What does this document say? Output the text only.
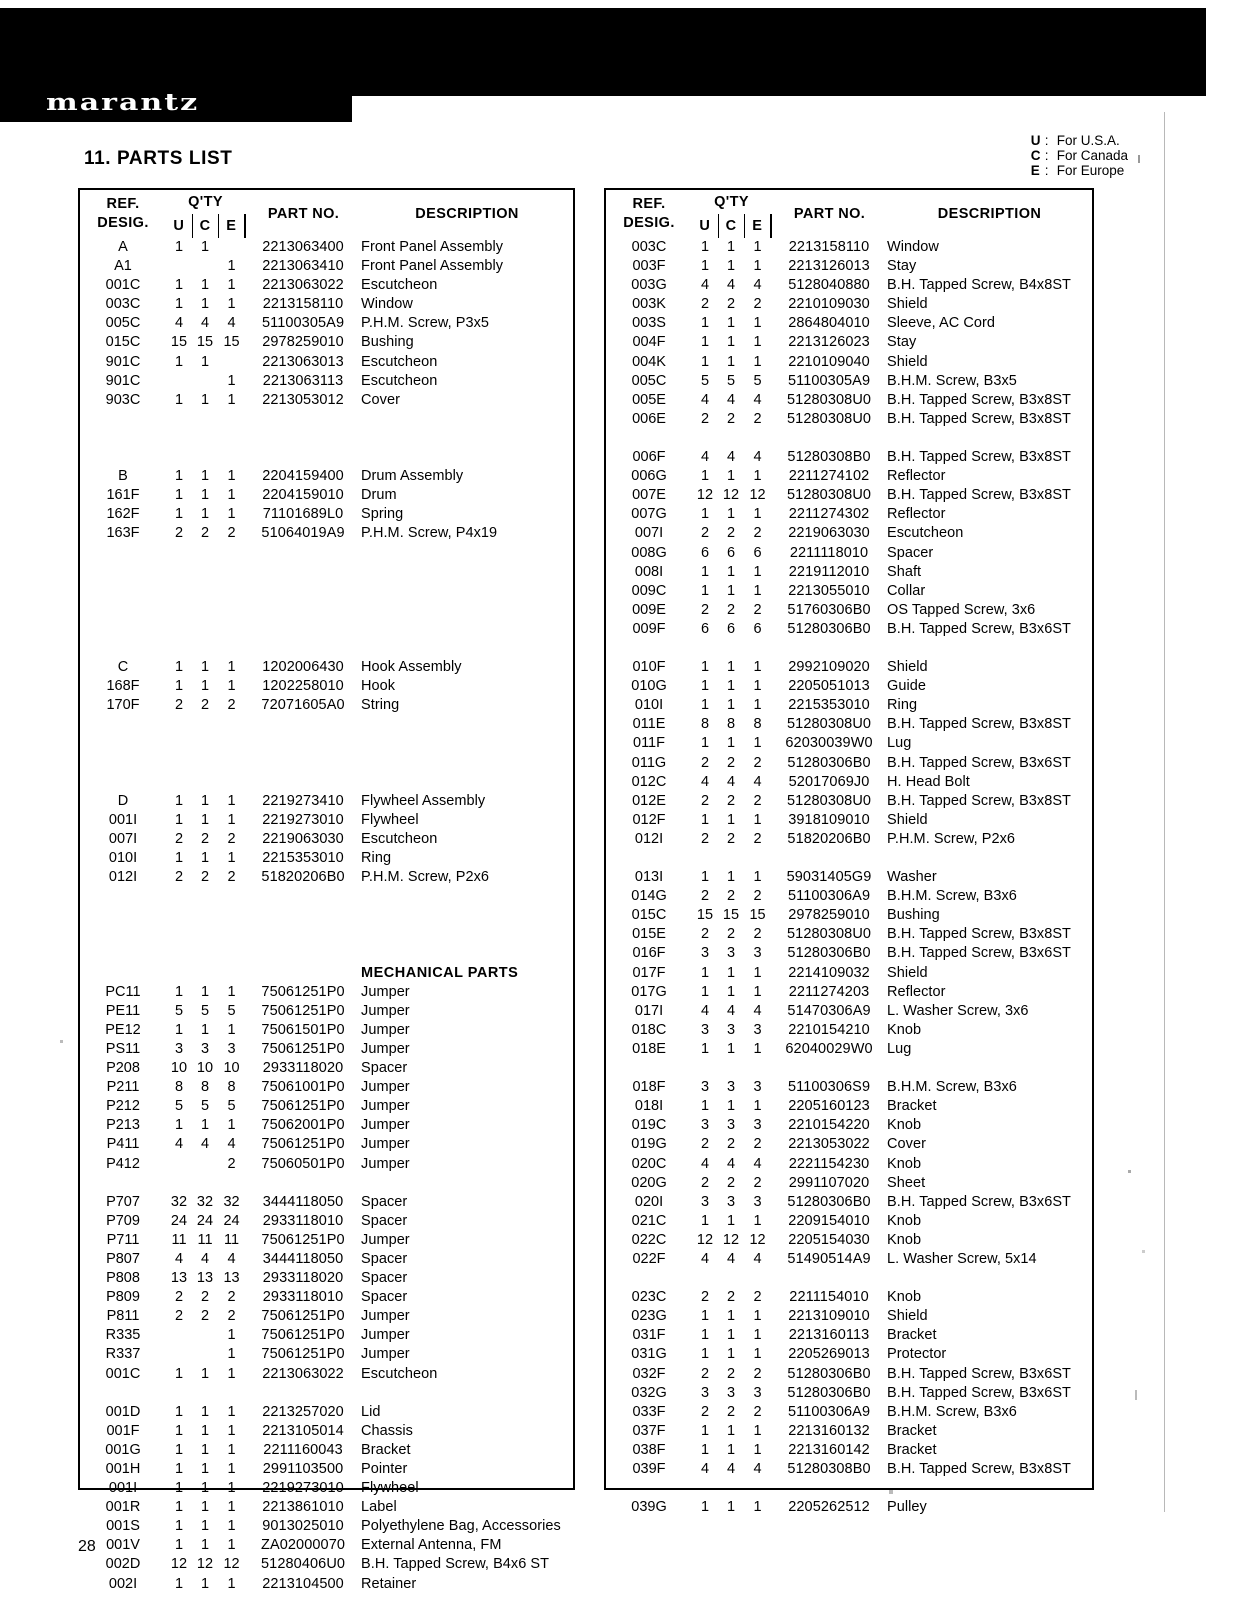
marantz
11. PARTS LIST
U : For U.S.A.
C : For Canada
E : For Europe
REF.
DESIG.	Q'TY			PART NO.	DESCRIPTION
	U	C	E		
A	1	1		2213063400	Front Panel Assembly
A1			1	2213063410	Front Panel Assembly
001C	1	1	1	2213063022	Escutcheon
003C	1	1	1	2213158110	Window
005C	4	4	4	51100305A9	P.H.M. Screw, P3x5
015C	15	15	15	2978259010	Bushing
901C	1	1		2213063013	Escutcheon
901C			1	2213063113	Escutcheon
903C	1	1	1	2213053012	Cover

B	1	1	1	2204159400	Drum Assembly
161F	1	1	1	2204159010	Drum
162F	1	1	1	71101689L0	Spring
163F	2	2	2	51064019A9	P.H.M. Screw, P4x19

C	1	1	1	1202006430	Hook Assembly
168F	1	1	1	1202258010	Hook
170F	2	2	2	72071605A0	String

D	1	1	1	2219273410	Flywheel Assembly
001I	1	1	1	2219273010	Flywheel
007I	2	2	2	2219063030	Escutcheon
010I	1	1	1	2215353010	Ring
012I	2	2	2	51820206B0	P.H.M. Screw, P2x6

					MECHANICAL PARTS
PC11	1	1	1	75061251P0	Jumper
PE11	5	5	5	75061251P0	Jumper
PE12	1	1	1	75061501P0	Jumper
PS11	3	3	3	75061251P0	Jumper
P208	10	10	10	2933118020	Spacer
P211	8	8	8	75061001P0	Jumper
P212	5	5	5	75061251P0	Jumper
P213	1	1	1	75062001P0	Jumper
P411	4	4	4	75061251P0	Jumper
P412			2	75060501P0	Jumper

P707	32	32	32	3444118050	Spacer
P709	24	24	24	2933118010	Spacer
P711	11	11	11	75061251P0	Jumper
P807	4	4	4	3444118050	Spacer
P808	13	13	13	2933118020	Spacer
P809	2	2	2	2933118010	Spacer
P811	2	2	2	75061251P0	Jumper
R335			1	75061251P0	Jumper
R337			1	75061251P0	Jumper
001C	1	1	1	2213063022	Escutcheon

001D	1	1	1	2213257020	Lid
001F	1	1	1	2213105014	Chassis
001G	1	1	1	2211160043	Bracket
001H	1	1	1	2991103500	Pointer
001I	1	1	1	2219273010	Flywheel
001R	1	1	1	2213861010	Label
001S	1	1	1	9013025010	Polyethylene Bag, Accessories
001V	1	1	1	ZA02000070	External Antenna, FM
002D	12	12	12	51280406U0	B.H. Tapped Screw, B4x6 ST
002I	1	1	1	2213104500	Retainer
REF.
DESIG.	Q'TY			PART NO.	DESCRIPTION
	U	C	E		
003C	1	1	1	2213158110	Window
003F	1	1	1	2213126013	Stay
003G	4	4	4	5128040880	B.H. Tapped Screw, B4x8ST
003K	2	2	2	2210109030	Shield
003S	1	1	1	2864804010	Sleeve, AC Cord
004F	1	1	1	2213126023	Stay
004K	1	1	1	2210109040	Shield
005C	5	5	5	51100305A9	B.H.M. Screw, B3x5
005E	4	4	4	51280308U0	B.H. Tapped Screw, B3x8ST
006E	2	2	2	51280308U0	B.H. Tapped Screw, B3x8ST

006F	4	4	4	51280308B0	B.H. Tapped Screw, B3x8ST
006G	1	1	1	2211274102	Reflector
007E	12	12	12	51280308U0	B.H. Tapped Screw, B3x8ST
007G	1	1	1	2211274302	Reflector
007I	2	2	2	2219063030	Escutcheon
008G	6	6	6	2211118010	Spacer
008I	1	1	1	2219112010	Shaft
009C	1	1	1	2213055010	Collar
009E	2	2	2	51760306B0	OS Tapped Screw, 3x6
009F	6	6	6	51280306B0	B.H. Tapped Screw, B3x6ST

010F	1	1	1	2992109020	Shield
010G	1	1	1	2205051013	Guide
010I	1	1	1	2215353010	Ring
011E	8	8	8	51280308U0	B.H. Tapped Screw, B3x8ST
011F	1	1	1	62030039W0	Lug
011G	2	2	2	51280306B0	B.H. Tapped Screw, B3x6ST
012C	4	4	4	52017069J0	H. Head Bolt
012E	2	2	2	51280308U0	B.H. Tapped Screw, B3x8ST
012F	1	1	1	3918109010	Shield
012I	2	2	2	51820206B0	P.H.M. Screw, P2x6

013I	1	1	1	59031405G9	Washer
014G	2	2	2	51100306A9	B.H.M. Screw, B3x6
015C	15	15	15	2978259010	Bushing
015E	2	2	2	51280308U0	B.H. Tapped Screw, B3x8ST
016F	3	3	3	51280306B0	B.H. Tapped Screw, B3x6ST
017F	1	1	1	2214109032	Shield
017G	1	1	1	2211274203	Reflector
017I	4	4	4	51470306A9	L. Washer Screw, 3x6
018C	3	3	3	2210154210	Knob
018E	1	1	1	62040029W0	Lug

018F	3	3	3	51100306S9	B.H.M. Screw, B3x6
018I	1	1	1	2205160123	Bracket
019C	3	3	3	2210154220	Knob
019G	2	2	2	2213053022	Cover
020C	4	4	4	2221154230	Knob
020G	2	2	2	2991107020	Sheet
020I	3	3	3	51280306B0	B.H. Tapped Screw, B3x6ST
021C	1	1	1	2209154010	Knob
022C	12	12	12	2205154030	Knob
022F	4	4	4	51490514A9	L. Washer Screw, 5x14

023C	2	2	2	2211154010	Knob
023G	1	1	1	2213109010	Shield
031F	1	1	1	2213160113	Bracket
031G	1	1	1	2205269013	Protector
032F	2	2	2	51280306B0	B.H. Tapped Screw, B3x6ST
032G	3	3	3	51280306B0	B.H. Tapped Screw, B3x6ST
033F	2	2	2	51100306A9	B.H.M. Screw, B3x6
037F	1	1	1	2213160132	Bracket
038F	1	1	1	2213160142	Bracket
039F	4	4	4	51280308B0	B.H. Tapped Screw, B3x8ST

039G	1	1	1	2205262512	Pulley
28
